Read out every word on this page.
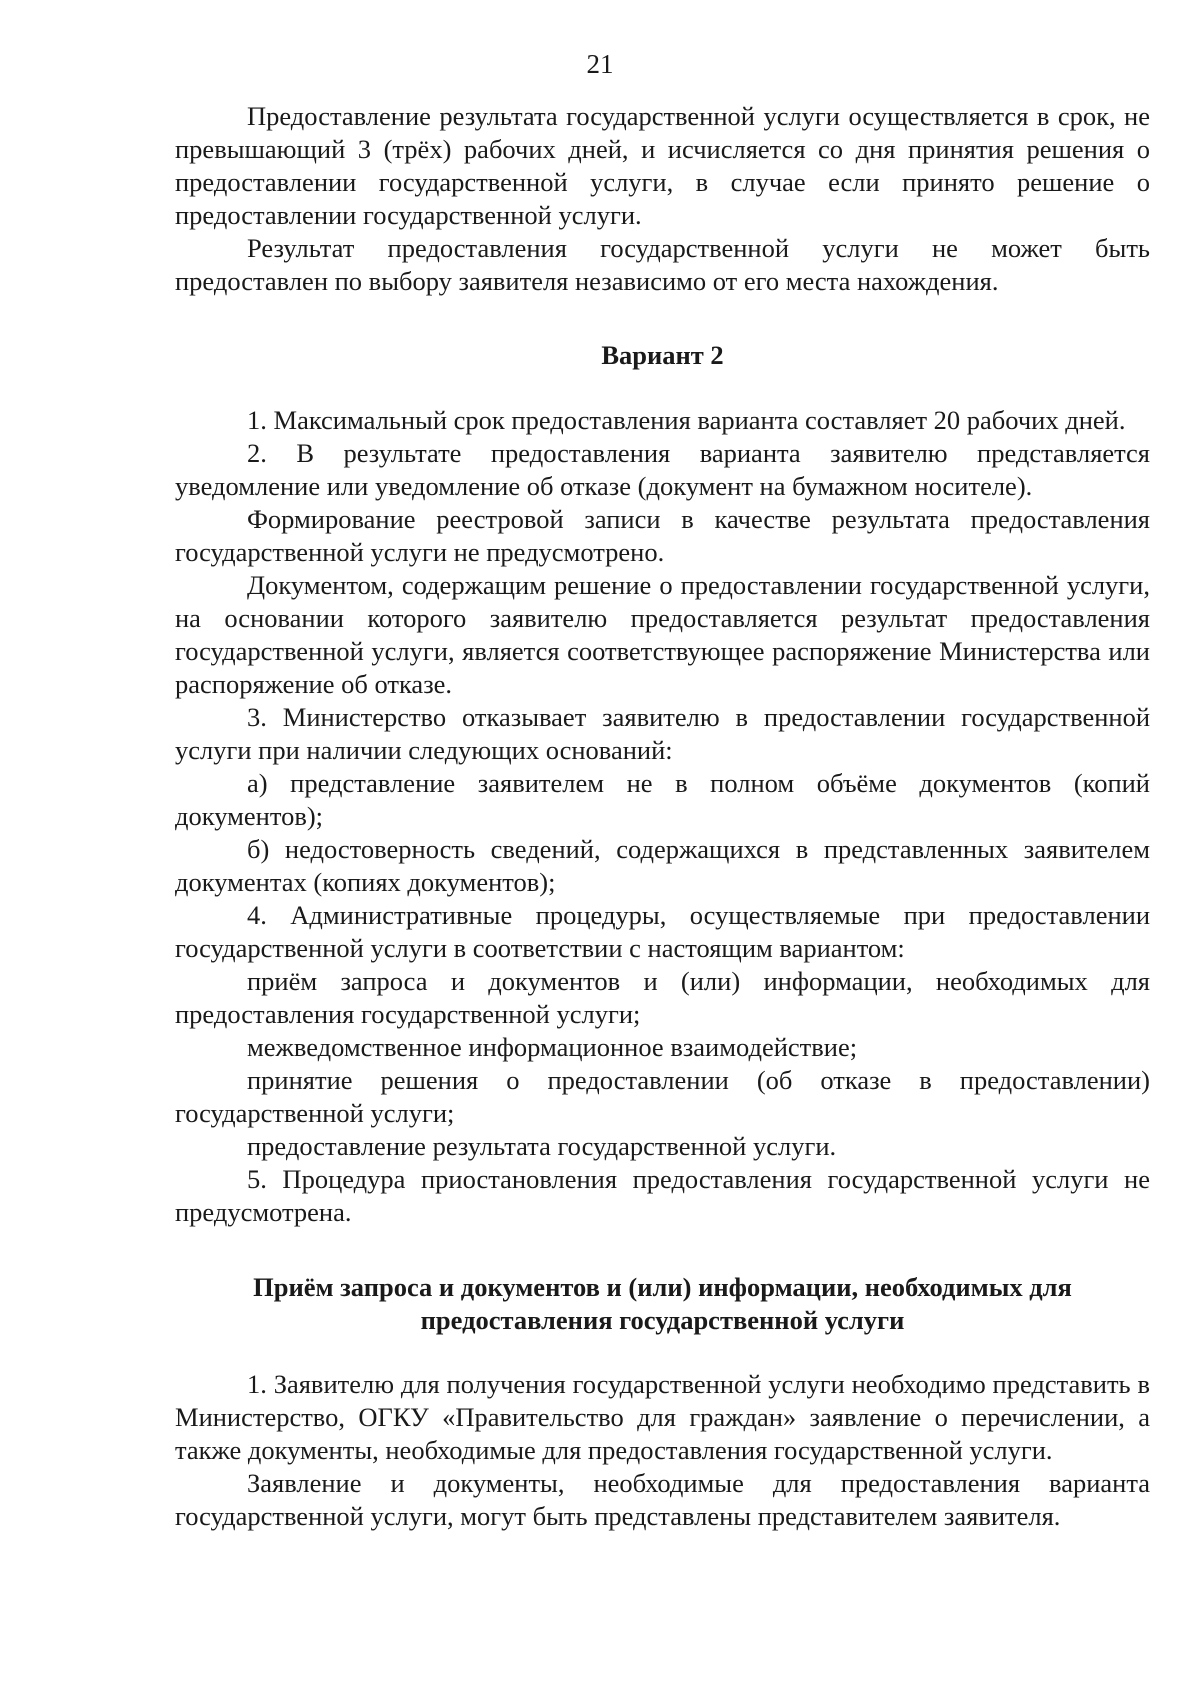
21

Предоставление результата государственной услуги осуществляется в срок, не превышающий 3 (трёх) рабочих дней, и исчисляется со дня принятия решения о предоставлении государственной услуги, в случае если принято решение о предоставлении государственной услуги.

Результат предоставления государственной услуги не может быть предоставлен по выбору заявителя независимо от его места нахождения.

Вариант 2

1. Максимальный срок предоставления варианта составляет 20 рабочих дней.

2. В результате предоставления варианта заявителю представляется уведомление или уведомление об отказе (документ на бумажном носителе).

Формирование реестровой записи в качестве результата предоставления государственной услуги не предусмотрено.

Документом, содержащим решение о предоставлении государственной услуги, на основании которого заявителю предоставляется результат предоставления государственной услуги, является соответствующее распоряжение Министерства или распоряжение об отказе.

3. Министерство отказывает заявителю в предоставлении государственной услуги при наличии следующих оснований:

а) представление заявителем не в полном объёме документов (копий документов);

б) недостоверность сведений, содержащихся в представленных заявителем документах (копиях документов);

4. Административные процедуры, осуществляемые при предоставлении государственной услуги в соответствии с настоящим вариантом:

приём запроса и документов и (или) информации, необходимых для предоставления государственной услуги;

межведомственное информационное взаимодействие;

принятие решения о предоставлении (об отказе в предоставлении) государственной услуги;

предоставление результата государственной услуги.

5. Процедура приостановления предоставления государственной услуги не предусмотрена.

Приём запроса и документов и (или) информации, необходимых для предоставления государственной услуги

1. Заявителю для получения государственной услуги необходимо представить в Министерство, ОГКУ «Правительство для граждан» заявление о перечислении, а также документы, необходимые для предоставления государственной услуги.

Заявление и документы, необходимые для предоставления варианта государственной услуги, могут быть представлены представителем заявителя.
